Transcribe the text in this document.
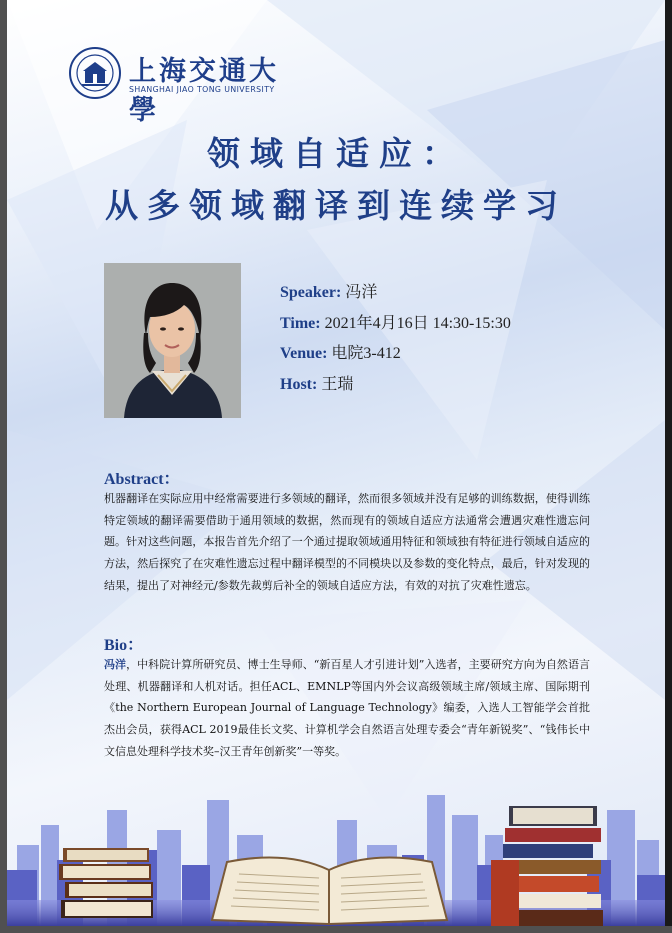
上海交通大學
SHANGHAI JIAO TONG UNIVERSITY
领域自适应：
从多领域翻译到连续学习
Speaker: 冯洋
Time: 2021年4月16日 14:30-15:30
Venue: 电院3-412
Host: 王瑞
Abstract：
机器翻译在实际应用中经常需要进行多领域的翻译，然而很多领域并没有足够的训练数据，使得训练特定领域的翻译需要借助于通用领域的数据，然而现有的领域自适应方法通常会遭遇灾难性遗忘问题。针对这些问题，本报告首先介绍了一个通过提取领域通用特征和领域独有特征进行领域自适应的方法，然后探究了在灾难性遗忘过程中翻译模型的不同模块以及参数的变化特点，最后，针对发现的结果，提出了对神经元/参数先裁剪后补全的领域自适应方法，有效的对抗了灾难性遗忘。
Bio：
冯洋，中科院计算所研究员、博士生导师、“新百星人才引进计划”入选者，主要研究方向为自然语言处理、机器翻译和人机对话。担任ACL、EMNLP等国内外会议高级领域主席/领域主席、国际期刊《the Northern European Journal of Language Technology》编委，入选人工智能学会首批杰出会员，获得ACL 2019最佳长文奖、计算机学会自然语言处理专委会“青年新锐奖”、“钱伟长中文信息处理科学技术奖–汉王青年创新奖”一等奖。
